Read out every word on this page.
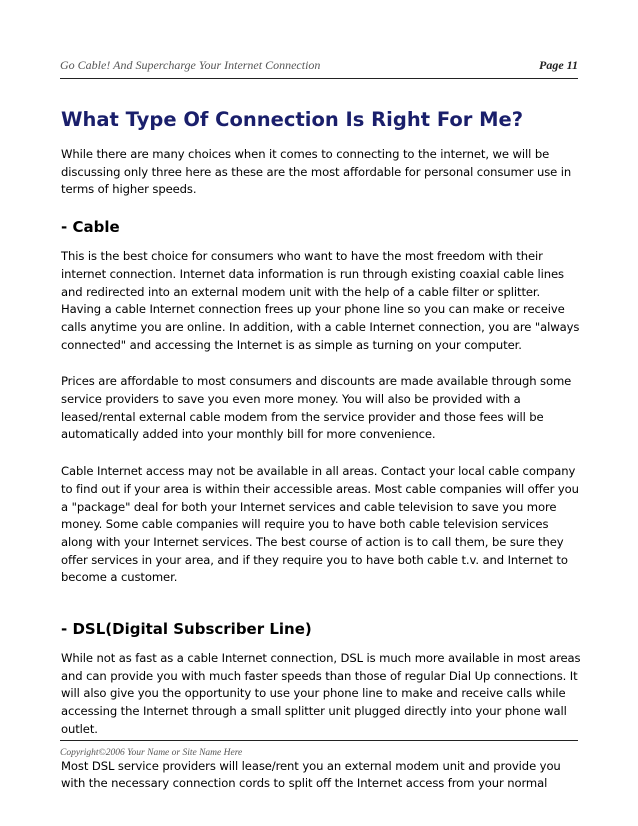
Go Cable! And Supercharge Your Internet Connection	Page 11
What Type Of Connection Is Right For Me?

While there are many choices when it comes to connecting to the internet, we will be discussing only three here as these are the most affordable for personal consumer use in terms of higher speeds.

- Cable

This is the best choice for consumers who want to have the most freedom with their internet connection. Internet data information is run through existing coaxial cable lines and redirected into an external modem unit with the help of a cable filter or splitter. Having a cable Internet connection frees up your phone line so you can make or receive calls anytime you are online. In addition, with a cable Internet connection, you are "always connected" and accessing the Internet is as simple as turning on your computer.

Prices are affordable to most consumers and discounts are made available through some service providers to save you even more money. You will also be provided with a leased/rental external cable modem from the service provider and those fees will be automatically added into your monthly bill for more convenience.

Cable Internet access may not be available in all areas. Contact your local cable company to find out if your area is within their accessible areas. Most cable companies will offer you a "package" deal for both your Internet services and cable television to save you more money. Some cable companies will require you to have both cable television services along with your Internet services. The best course of action is to call them, be sure they offer services in your area, and if they require you to have both cable t.v. and Internet to become a customer.

- DSL(Digital Subscriber Line)

While not as fast as a cable Internet connection, DSL is much more available in most areas and can provide you with much faster speeds than those of regular Dial Up connections. It will also give you the opportunity to use your phone line to make and receive calls while accessing the Internet through a small splitter unit plugged directly into your phone wall outlet.

Most DSL service providers will lease/rent you an external modem unit and provide you with the necessary connection cords to split off the Internet access from your normal

Copyright©2006 Your Name or Site Name Here
